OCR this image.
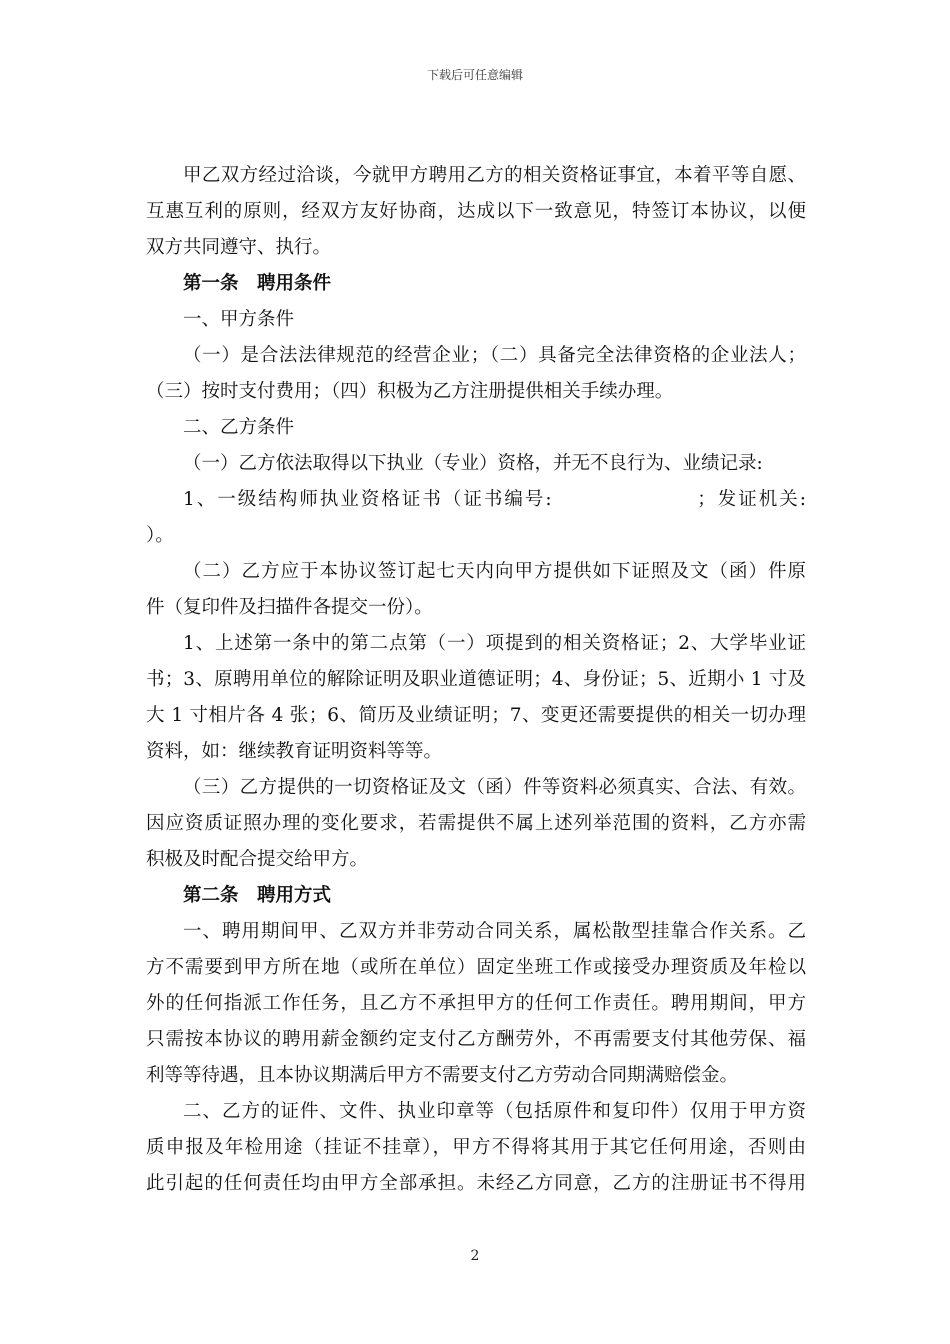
下载后可任意编辑
甲乙双方经过洽谈，今就甲方聘用乙方的相关资格证事宜，本着平等自愿、
互惠互利的原则，经双方友好协商，达成以下一致意见，特签订本协议，以便
双方共同遵守、执行。
第一条　聘用条件
一、甲方条件
（一）是合法法律规范的经营企业；（二）具备完全法律资格的企业法人；
（三）按时支付费用；（四）积极为乙方注册提供相关手续办理。
二、乙方条件
（一）乙方依法取得以下执业（专业）资格，并无不良行为、业绩记录:
1、一级结构师执业资格证书（证书编号:　　　　　　　；发证机关:
）。
（二）乙方应于本协议签订起七天内向甲方提供如下证照及文（函）件原
件（复印件及扫描件各提交一份）。
1、上述第一条中的第二点第（一）项提到的相关资格证；2、大学毕业证
书；3、原聘用单位的解除证明及职业道德证明；4、身份证；5、近期小 1 寸及
大 1 寸相片各 4 张；6、简历及业绩证明；7、变更还需要提供的相关一切办理
资料，如：继续教育证明资料等等。
（三）乙方提供的一切资格证及文（函）件等资料必须真实、合法、有效。
因应资质证照办理的变化要求，若需提供不属上述列举范围的资料，乙方亦需
积极及时配合提交给甲方。
第二条　聘用方式
一、聘用期间甲、乙双方并非劳动合同关系，属松散型挂靠合作关系。乙
方不需要到甲方所在地（或所在单位）固定坐班工作或接受办理资质及年检以
外的任何指派工作任务，且乙方不承担甲方的任何工作责任。聘用期间，甲方
只需按本协议的聘用薪金额约定支付乙方酬劳外，不再需要支付其他劳保、福
利等等待遇，且本协议期满后甲方不需要支付乙方劳动合同期满赔偿金。
二、乙方的证件、文件、执业印章等（包括原件和复印件）仅用于甲方资
质申报及年检用途（挂证不挂章），甲方不得将其用于其它任何用途，否则由
此引起的任何责任均由甲方全部承担。未经乙方同意，乙方的注册证书不得用
2
